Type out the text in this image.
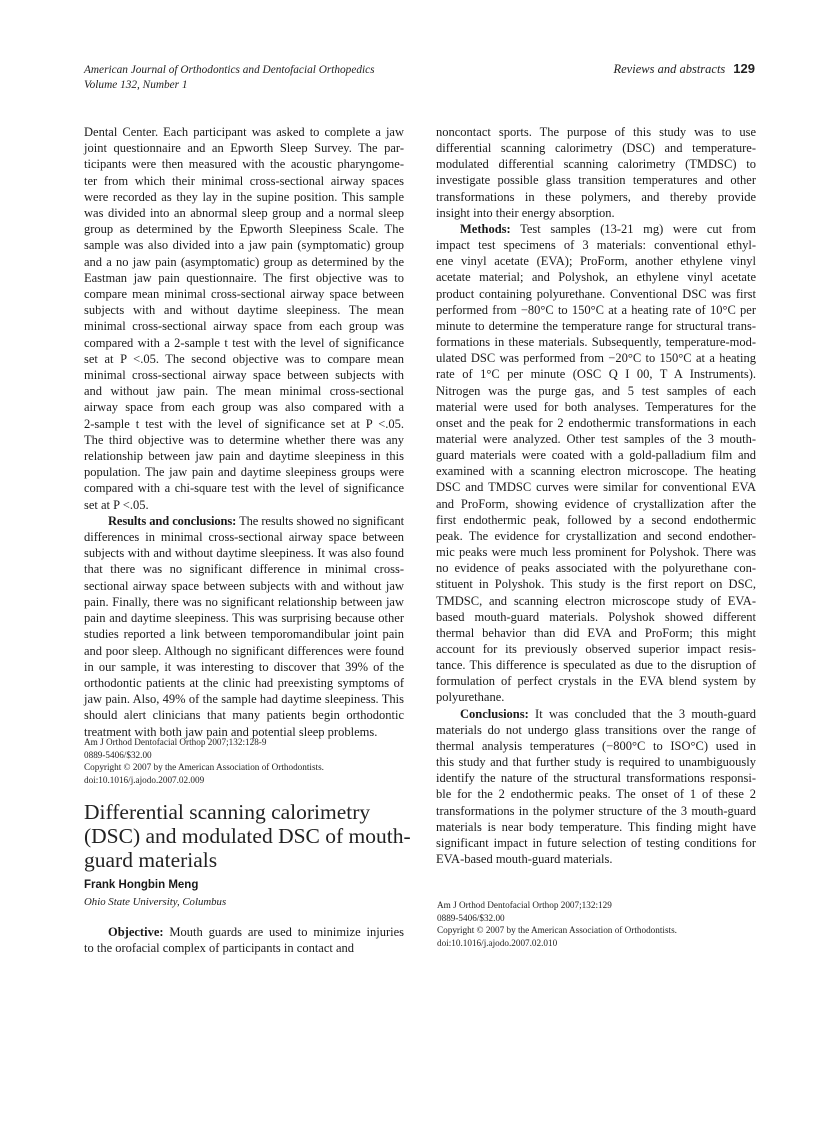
American Journal of Orthodontics and Dentofacial Orthopedics
Volume 132, Number 1
Reviews and abstracts 129
Dental Center. Each participant was asked to complete a jaw
joint questionnaire and an Epworth Sleep Survey. The par-
ticipants were then measured with the acoustic pharyngome-
ter from which their minimal cross-sectional airway spaces
were recorded as they lay in the supine position. This sample
was divided into an abnormal sleep group and a normal sleep
group as determined by the Epworth Sleepiness Scale. The
sample was also divided into a jaw pain (symptomatic) group
and a no jaw pain (asymptomatic) group as determined by the
Eastman jaw pain questionnaire. The first objective was to
compare mean minimal cross-sectional airway space between
subjects with and without daytime sleepiness. The mean
minimal cross-sectional airway space from each group was
compared with a 2-sample t test with the level of significance
set at P <.05. The second objective was to compare mean
minimal cross-sectional airway space between subjects with
and without jaw pain. The mean minimal cross-sectional
airway space from each group was also compared with a
2-sample t test with the level of significance set at P <.05.
The third objective was to determine whether there was any
relationship between jaw pain and daytime sleepiness in this
population. The jaw pain and daytime sleepiness groups were
compared with a chi-square test with the level of significance
set at P <.05.
Results and conclusions: The results showed no significant
differences in minimal cross-sectional airway space between
subjects with and without daytime sleepiness. It was also found
that there was no significant difference in minimal cross-
sectional airway space between subjects with and without jaw
pain. Finally, there was no significant relationship between jaw
pain and daytime sleepiness. This was surprising because other
studies reported a link between temporomandibular joint pain
and poor sleep. Although no significant differences were found
in our sample, it was interesting to discover that 39% of the
orthodontic patients at the clinic had preexisting symptoms of
jaw pain. Also, 49% of the sample had daytime sleepiness. This
should alert clinicians that many patients begin orthodontic
treatment with both jaw pain and potential sleep problems.
Am J Orthod Dentofacial Orthop 2007;132:128-9
0889-5406/$32.00
Copyright © 2007 by the American Association of Orthodontists.
doi:10.1016/j.ajodo.2007.02.009
Differential scanning calorimetry
(DSC) and modulated DSC of mouth-
guard materials
Frank Hongbin Meng
Ohio State University, Columbus
Objective: Mouth guards are used to minimize injuries
to the orofacial complex of participants in contact and
noncontact sports. The purpose of this study was to use
differential scanning calorimetry (DSC) and temperature-
modulated differential scanning calorimetry (TMDSC) to
investigate possible glass transition temperatures and other
transformations in these polymers, and thereby provide
insight into their energy absorption.
Methods: Test samples (13-21 mg) were cut from
impact test specimens of 3 materials: conventional ethyl-
ene vinyl acetate (EVA); ProForm, another ethylene vinyl
acetate material; and Polyshok, an ethylene vinyl acetate
product containing polyurethane. Conventional DSC was first
performed from −80°C to 150°C at a heating rate of 10°C per
minute to determine the temperature range for structural trans-
formations in these materials. Subsequently, temperature-mod-
ulated DSC was performed from −20°C to 150°C at a heating
rate of 1°C per minute (OSC Q I 00, T A Instruments).
Nitrogen was the purge gas, and 5 test samples of each
material were used for both analyses. Temperatures for the
onset and the peak for 2 endothermic transformations in each
material were analyzed. Other test samples of the 3 mouth-
guard materials were coated with a gold-palladium film and
examined with a scanning electron microscope. The heating
DSC and TMDSC curves were similar for conventional EVA
and ProForm, showing evidence of crystallization after the
first endothermic peak, followed by a second endothermic
peak. The evidence for crystallization and second endother-
mic peaks were much less prominent for Polyshok. There was
no evidence of peaks associated with the polyurethane con-
stituent in Polyshok. This study is the first report on DSC,
TMDSC, and scanning electron microscope study of EVA-
based mouth-guard materials. Polyshok showed different
thermal behavior than did EVA and ProForm; this might
account for its previously observed superior impact resis-
tance. This difference is speculated as due to the disruption of
formulation of perfect crystals in the EVA blend system by
polyurethane.
Conclusions: It was concluded that the 3 mouth-guard
materials do not undergo glass transitions over the range of
thermal analysis temperatures (−800°C to ISO°C) used in
this study and that further study is required to unambiguously
identify the nature of the structural transformations responsi-
ble for the 2 endothermic peaks. The onset of 1 of these 2
transformations in the polymer structure of the 3 mouth-guard
materials is near body temperature. This finding might have
significant impact in future selection of testing conditions for
EVA-based mouth-guard materials.
Am J Orthod Dentofacial Orthop 2007;132:129
0889-5406/$32.00
Copyright © 2007 by the American Association of Orthodontists.
doi:10.1016/j.ajodo.2007.02.010
